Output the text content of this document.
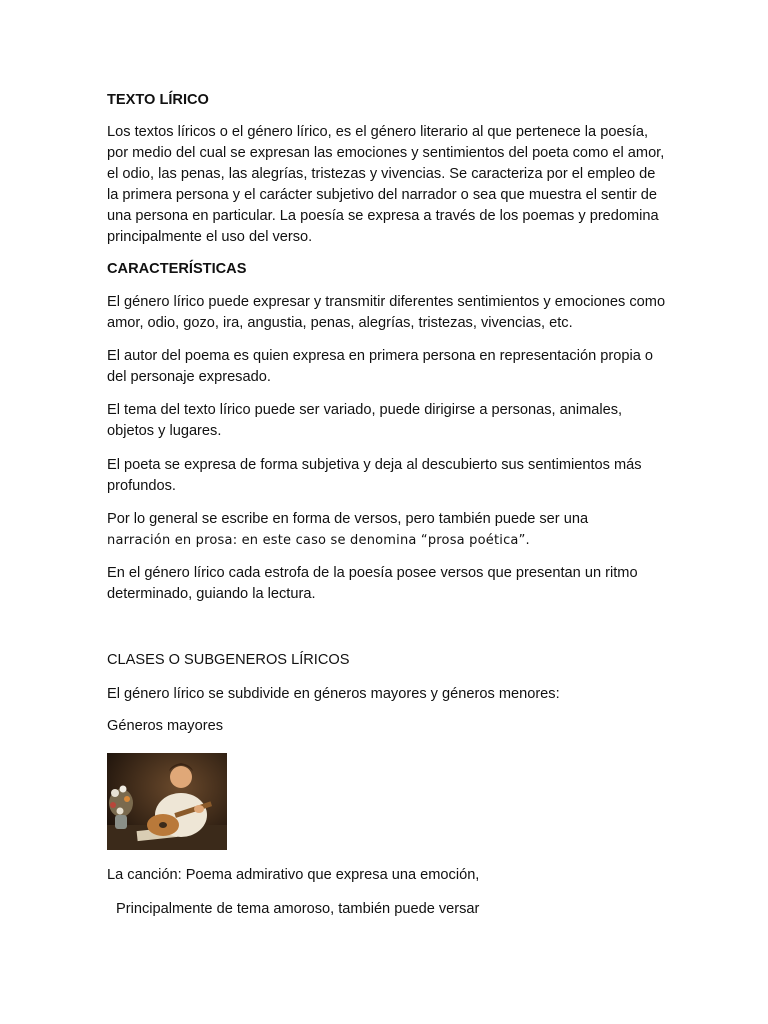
TEXTO LÍRICO

Los textos líricos o el género lírico, es el género literario al que pertenece la poesía, por medio del cual se expresan las emociones y sentimientos del poeta como el amor, el odio, las penas, las alegrías, tristezas y vivencias. Se caracteriza por el empleo de la primera persona y el carácter subjetivo del narrador o sea que muestra el sentir de una persona en particular. La poesía se expresa a través de los poemas y predomina principalmente el uso del verso.

CARACTERÍSTICAS

El género lírico puede expresar y transmitir diferentes sentimientos y emociones como amor, odio, gozo, ira, angustia, penas, alegrías, tristezas, vivencias, etc.

El autor del poema es quien expresa en primera persona en representación propia o del personaje expresado.

El tema del texto lírico puede ser variado, puede dirigirse a personas, animales, objetos y lugares.

El poeta se expresa de forma subjetiva y deja al descubierto sus sentimientos más profundos.

Por lo general se escribe en forma de versos, pero también puede ser una

narración en prosa: en este caso se denomina “prosa poética”.

En el género lírico cada estrofa de la poesía posee versos que presentan un ritmo determinado, guiando la lectura.

CLASES O SUBGENEROS LÍRICOS

El género lírico se subdivide en géneros mayores y géneros menores:

Géneros mayores

La canción: Poema admirativo que expresa una emoción,

Principalmente de tema amoroso, también puede versar
